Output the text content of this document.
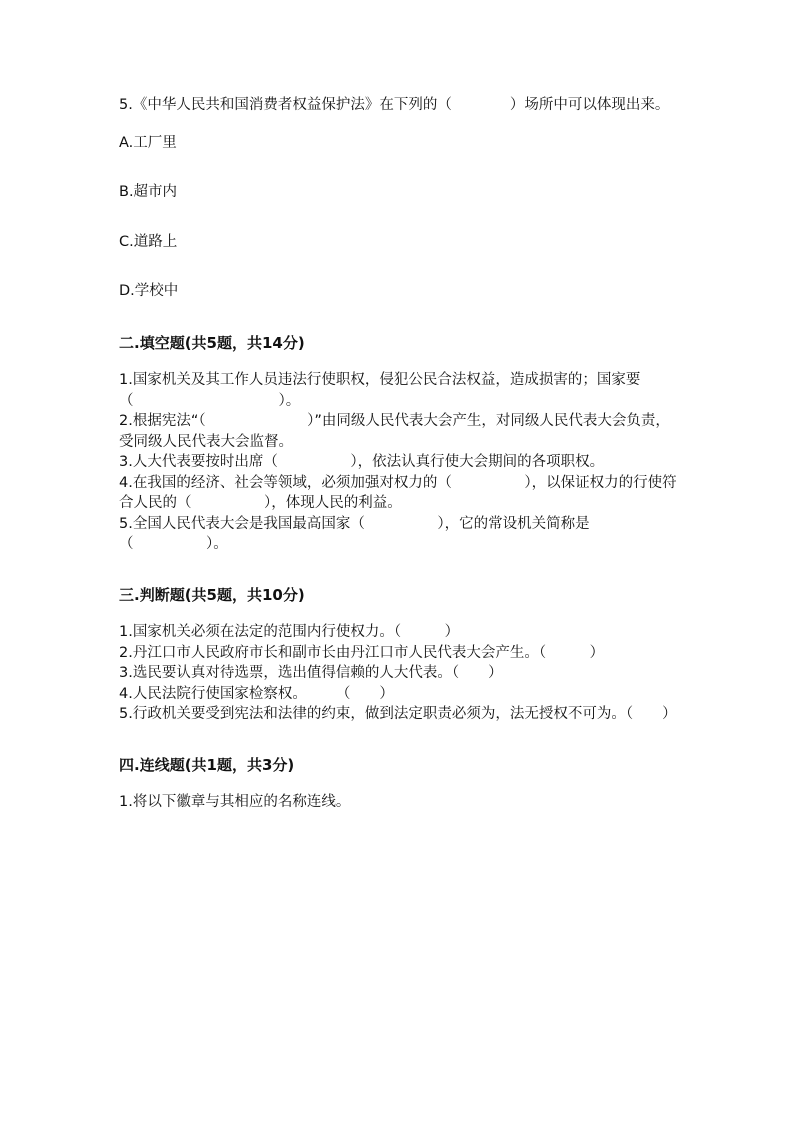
5.《中华人民共和国消费者权益保护法》在下列的（　　　　）场所中可以体现出来。
A.工厂里
B.超市内
C.道路上
D.学校中
二.填空题(共5题，共14分)
1.国家机关及其工作人员违法行使职权，侵犯公民合法权益，造成损害的；国家要（　　　　　　　　　　）。
2.根据宪法“（　　　　　　　）”由同级人民代表大会产生，对同级人民代表大会负责，受同级人民代表大会监督。
3.人大代表要按时出席（　　　　　），依法认真行使大会期间的各项职权。
4.在我国的经济、社会等领域，必须加强对权力的（　　　　　），以保证权力的行使符合人民的（　　　　　），体现人民的利益。
5.全国人民代表大会是我国最高国家（　　　　　），它的常设机关简称是（　　　　　）。
三.判断题(共5题，共10分)
1.国家机关必须在法定的范围内行使权力。（　　　）
2.丹江口市人民政府市长和副市长由丹江口市人民代表大会产生。（　　　）
3.选民要认真对待选票，选出值得信赖的人大代表。（　　）
4.人民法院行使国家检察权。　　　（　　）
5.行政机关要受到宪法和法律的约束，做到法定职责必须为，法无授权不可为。（　　）
四.连线题(共1题，共3分)
1.将以下徽章与其相应的名称连线。
